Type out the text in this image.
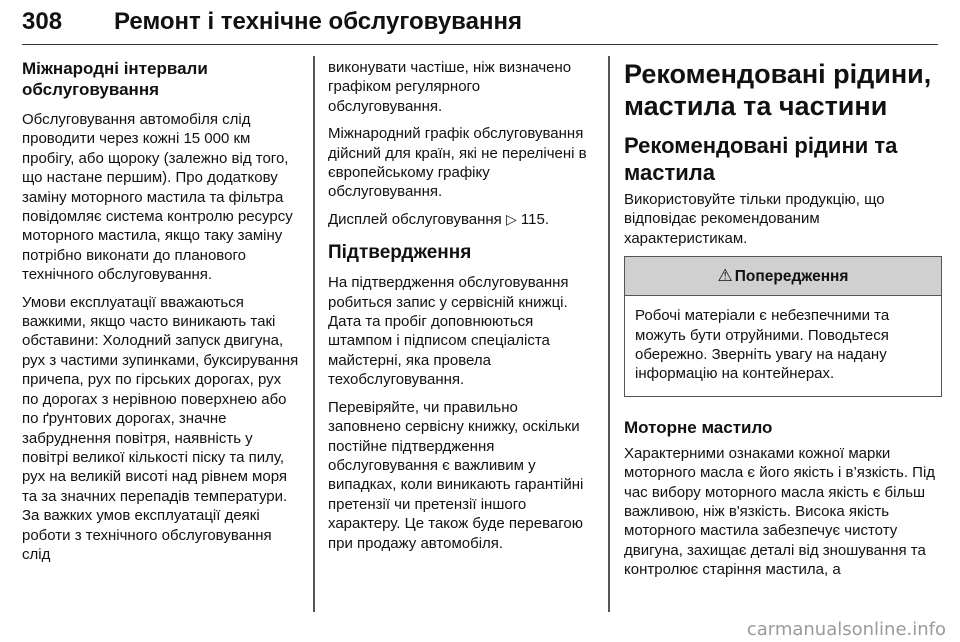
308 Ремонт і технічне обслуговування
Міжнародні інтервали обслуговування

Обслуговування автомобіля слід проводити через кожні 15 000 км пробігу, або щороку (залежно від того, що настане першим). Про додаткову заміну моторного мастила та фільтра повідомляє система контролю ресурсу моторного мастила, якщо таку заміну потрібно виконати до планового технічного обслуговування.

Умови експлуатації вважаються важкими, якщо часто виникають такі обставини: Холодний запуск двигуна, рух з частими зупинками, буксирування причепа, рух по гірських дорогах, рух по дорогах з нерівною поверхнею або по ґрунтових дорогах, значне забруднення повітря, наявність у повітрі великої кількості піску та пилу, рух на великій висоті над рівнем моря та за значних перепадів температури. За важких умов експлуатації деякі роботи з технічного обслуговування слід

виконувати частіше, ніж визначено графіком регулярного обслуговування.

Міжнародний графік обслуговування дійсний для країн, які не перелічені в європейському графіку обслуговування.

Дисплей обслуговування ▷ 115.

Підтвердження

На підтвердження обслуговування робиться запис у сервісній книжці. Дата та пробіг доповнюються штампом і підписом спеціаліста майстерні, яка провела техобслуговування.

Перевіряйте, чи правильно заповнено сервісну книжку, оскільки постійне підтвердження обслуговування є важливим у випадках, коли виникають гарантійні претензії чи претензії іншого характеру. Це також буде перевагою при продажу автомобіля.

Рекомендовані рідини, мастила та частини
Рекомендовані рідини та мастила

Використовуйте тільки продукцію, що відповідає рекомендованим характеристикам.

⚠ Попередження

Робочі матеріали є небезпечними та можуть бути отруйними. Поводьтеся обережно. Зверніть увагу на надану інформацію на контейнерах.

Моторне мастило

Характерними ознаками кожної марки моторного масла є його якість і в’язкість. Під час вибору моторного масла якість є більш важливою, ніж в'язкість. Висока якість моторного мастила забезпечує чистоту двигуна, захищає деталі від зношування та контролює старіння мастила, а

carmanualsonline.info
